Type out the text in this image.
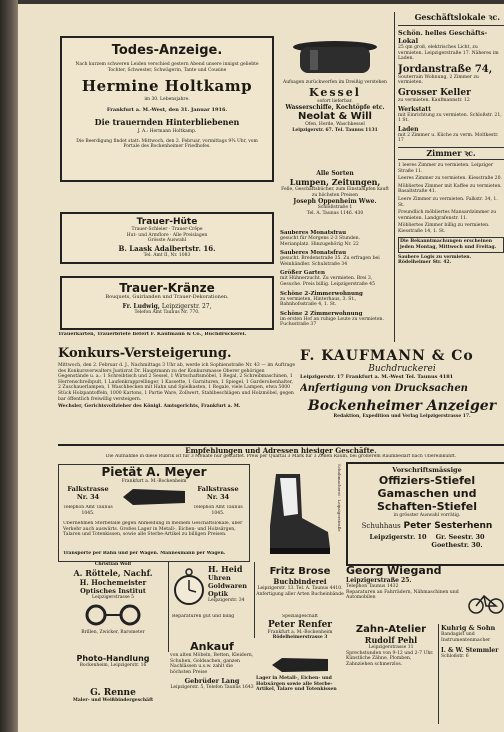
Todes-Anzeige.
Nach kurzem schweren Leiden verschied gestern Abend unsere innigst geliebte Tochter, Schwester, Schwägerin, Tante und Cousine
Hermine Holtkamp
im 30. Lebensjahre.
Frankfurt a. M.-West, den 31. Januar 1916.
Die trauernden Hinterbliebenen
J. A.: Hermann Holtkamp.
Die Beerdigung findet statt: Mittwoch, den 2. Februar, vormittags 9¾ Uhr, vom Portale des Bockenheimer Friedhofes.
Trauer-Hüte
Trauer-Schleier · Trauer-Crêpe
Hut- und Armflore · Alle Preislagen
Grösste Auswahl
B. Laask Adalbertstr. 16.
Tel. Amt II, Nr. 1083
Trauer-Kränze
Bouquets, Guirlanden und Trauer-Dekorationen.
Fr. Ludwig, Leipzigerstr. 27,
Telefon Amt Taunus Nr. 770.
Trauerkarten, Trauerbriefe liefert F. Kaufmann & Co., Buchdruckerei.
Konkurs-Versteigerung.
Mittwoch, den 2. Februar d. J., Nachmittags 3 Uhr ab, werde ich Sophienstraße Nr. 43 — im Auftrage des Konkursverwalters Justizrat Dr. Hauptmann zu der Konkursmasse Oberer gehörigen Gegenstände u. a.: 1 Schreibtisch und 2 Sessel, 1 Wirtschaftsmöbel, 1 Regal, 2 Schreibmaschinen, 1 Herrenschreibpult, 1 Laufenkrapprellinger, 1 Kassette, 1 Garnituren, 1 Spiegel, 1 Garderobenhalter, 2 Zuschauerlampen, 1 Waschbecken mit Hahn und Spielkasten, 1 Regale, viele Lampen, etwa 5000 Stück Holzpantoffeln, 1000 Kartons, 1 Partie Ware, Zollwert, Stahlbeschlägen und Holzmöbel, gegen bar öffentlich freiwillig versteigern.
Wechsler, Gerichtsvollzieher des Königl. Amtsgerichts, Frankfurt a. M.
Aufsagen zurückwerfen im Dreißig verstehen
Kessel
sofort lieferbar.
Wasserschiffe, Kochtöpfe etc.
Neolat & Will
Ofen, Herde, Waschkessel
Leipzigerstr. 67. Tel. Taunus 1131
Alle Sorten
Lumpen, Zeitungen,
Felle, Geschäftsbücher, zum Einstampfen kauft zu höchsten Preisen
Joseph Oppenheim Wwe.
Schloßstraße 1
Tel. A. Taunus 1146. 430
Sauberes Monatsfrau
gesucht für Morgens 2-3 Stunden. Merianplatz. Hinzugehörig Nr. 22
Sauberes Monatsfrau
gesucht. Bredenstraße 35. Zu erfragen bei Weinhändler. Schulstraße 34
Größer Garten
mit Hühnerzucht. Zu vermieten. Brei 3, Gesuche. Preis billig. Leipzigerstraße 45
Schöne 2-Zimmerwohnung
zu vermieten, Hinterhaus, 3. St., Bahnhofsstraße 4, 1. St.
Schöne 2 Zimmerwohnung
im ersten Hof an ruhige Leute zu vermieten. Fuchsstraße 37
Geschäftslokale ꝛc.
Schön. helles Geschäfts-Lokal
25 qm groß, elektrisches Licht, zu vermieten. Leipzigerstraße 17. Näheres im Laden.
Jordanstraße 74,
Souterrain Wohnung, 2 Zimmer zu vermieten.
Grosser Keller
zu vermieten. Kaufmannstr. 12
Werkstatt
mit Einrichtung zu vermieten. Schloßstr. 21, 1 St.
Laden
mit 2 Zimmer u. Küche zu verm. Moltkestr. 17
Zimmer ꝛc.
1 leeres Zimmer zu vermieten. Leipziger Straße 11.
Leeres Zimmer zu vermieten. Kiesstraße 20.
Möbliertes Zimmer mit Kaffee zu vermieten. Basaltstraße 41.
Leere Zimmer zu vermieten. Falkstr. 34, 1. St.
Freundlich möbliertes Mansardzimmer zu vermieten. Landgrafenstr. 11.
Möbliertes Zimmer billig zu vermieten. Kiesstraße 14, 1. St.
Die Bekanntmachungen erscheinen jeden Montag, Mittwoch und Freitag.
Saubere Logis zu vermieten. Rödelheimer Str. 42.
F. KAUFMANN & Co
Buchdruckerei
Leipzigerstr. 17 Frankfurt a. M.-West Tel. Taunus 4181
Anfertigung von Drucksachen
Bockenheimer Anzeiger
Redaktion, Expedition und Verlag Leipzigerstrasse 17.
Empfehlungen und Adressen hiesiger Geschäfte.
Die Aufnahme in diese Rubrik ist für 3 Monate nur gestattet. Preis per Quartal 3 Mark für 3 Zeilen Raum, bei größerem Raumbedarf nach Übereinkunft.
Pietät A. Meyer
Frankfurt a. M.-Bockenheim
Falkstrasse Nr. 34
Telephon Amt Taunus 1045.
Falkstrasse Nr. 34
Telephon Amt Taunus 1045.
Übernehmen Sterbefälle gegen Anmeldung in meinem Geschäftslokale, über Verkehr auch auswärts. Großes Lager in Metall-, Eichen- und Holzsärgen, Talaren und Totenkissen, sowie alle Sterbe-Artikel zu billigen Preisen.
Transporte per Bahn und per Wagen. Mannesmann per Wagen.
Schuhmacherei · Leipzigerstraße	Vorschriftsmässige
Offiziers-Stiefel
Gamaschen und
Schaften-Stiefel
in grösster Auswahl vorrätig.
Schuhhaus Peter Sesterhenn
Leipzigerstr. 10 Gr. Seestr. 30
Goethestr. 30.
Christian Wolf
A. Röttele, Nachf.
H. Hochemeister
Optisches Institut
Leipzigerstrasse 5
Brillen, Zwicker, Barometer
H. Heid
Uhren
Goldwaren
Optik
Leipzigerstr. 34
Reparaturen gut und billig
Fritz Brose
Buchbinderei
Leipzigerstr. 13. Tel. A. Taunus 4410. Anfertigung aller Arten Bucheinbände
Spezialgeschäft
Peter Renfer
Frankfurt a. M.-Bockenheim
Rödelheimerstrasse 3
Georg Wiegand
Leipzigerstraße 25.
Telephon Taunus 1432
Reparaturen an Fahrrädern, Nähmaschinen und Automobilen
Zahn-Atelier
Rudolf Pehl
Leipzigerstrasse 11
Sprechstunden von 9-12 und 2-7 Uhr. Künstliche Zähne, Plomben, Zahnziehen schmerzlos.
Kuhrig & Sohn
Bandagist und Instrumentenmacher
I. & W. Stemmler
Schloßstr. 6
Photo-Handlung
Bockenheim, Leipzigerstr. 16
G. Renne
Maler- und Weißbindergeschäft
Ankauf
von alten Möbeln, Betten, Kleidern, Schuhen, Goldsachen, ganzen Nachlässen u.s.w. zahlt die höchsten Preise
Gebrüder Lang
Leipzigerstr. 5, Telefon Taunus 1643
Lager in Metall-, Eichen- und Holzsärgen sowie alle Sterbe-Artikel, Talare und Totenkissen
